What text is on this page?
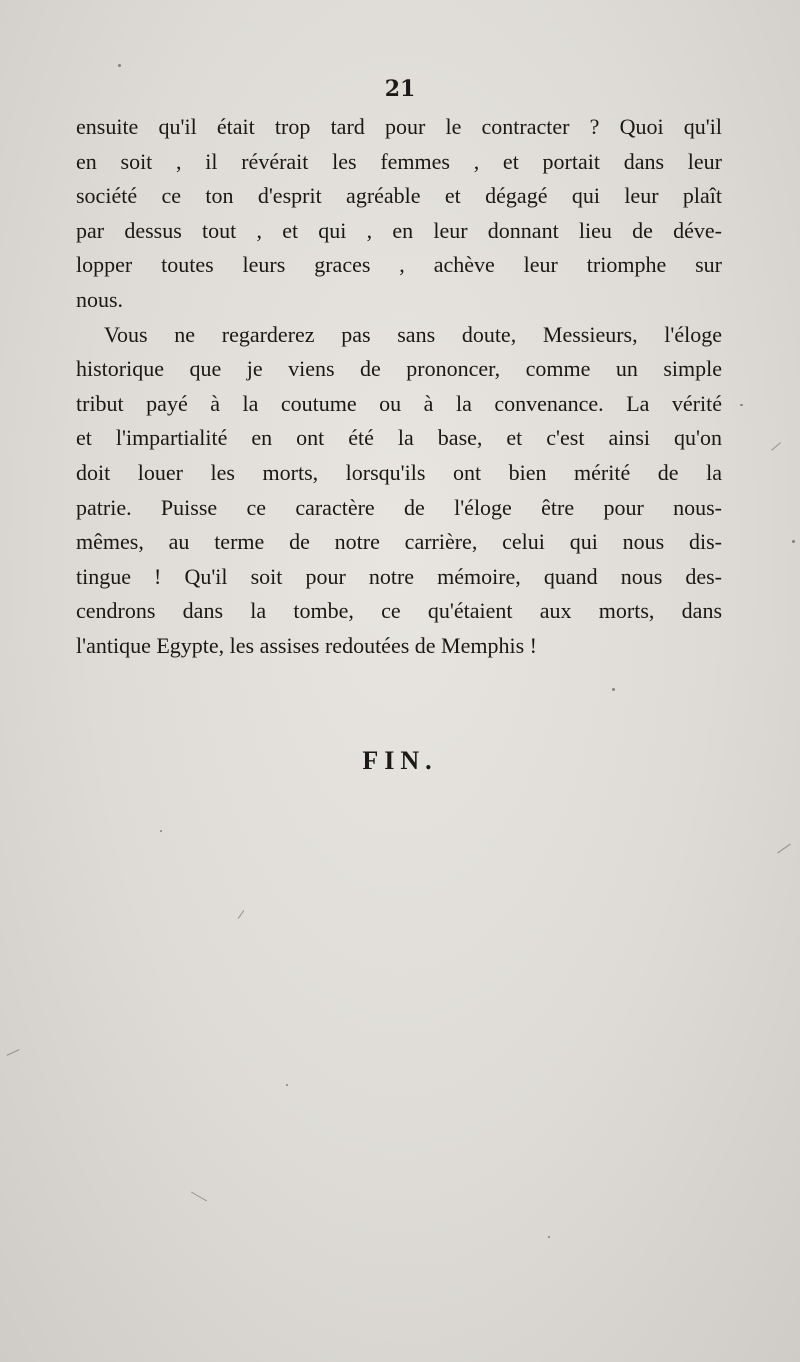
21
ensuite qu'il était trop tard pour le contracter ? Quoi qu'il
en soit , il révérait les femmes , et portait dans leur
société ce ton d'esprit agréable et dégagé qui leur plaît
par dessus tout , et qui , en leur donnant lieu de déve-
lopper toutes leurs graces , achève leur triomphe sur
nous.
Vous ne regarderez pas sans doute, Messieurs, l'éloge
historique que je viens de prononcer, comme un simple
tribut payé à la coutume ou à la convenance. La vérité
et l'impartialité en ont été la base, et c'est ainsi qu'on
doit louer les morts, lorsqu'ils ont bien mérité de la
patrie. Puisse ce caractère de l'éloge être pour nous-
mêmes, au terme de notre carrière, celui qui nous dis-
tingue ! Qu'il soit pour notre mémoire, quand nous des-
cendrons dans la tombe, ce qu'étaient aux morts, dans
l'antique Egypte, les assises redoutées de Memphis !
FIN.
